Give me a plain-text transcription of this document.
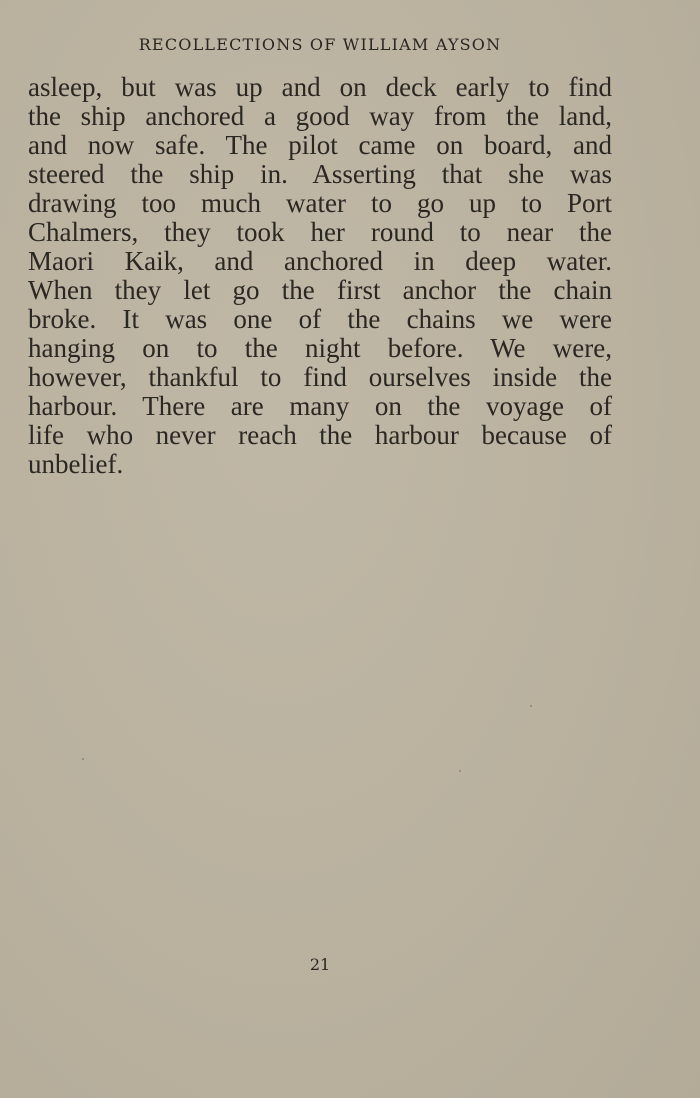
RECOLLECTIONS OF WILLIAM AYSON
asleep, but was up and on deck early to find
the ship anchored a good way from the land,
and now safe. The pilot came on board, and
steered the ship in. Asserting that she was
drawing too much water to go up to Port
Chalmers, they took her round to near the
Maori Kaik, and anchored in deep water.
When they let go the first anchor the chain
broke. It was one of the chains we were
hanging on to the night before. We were,
however, thankful to find ourselves inside the
harbour. There are many on the voyage of
life who never reach the harbour because of
unbelief.
21
